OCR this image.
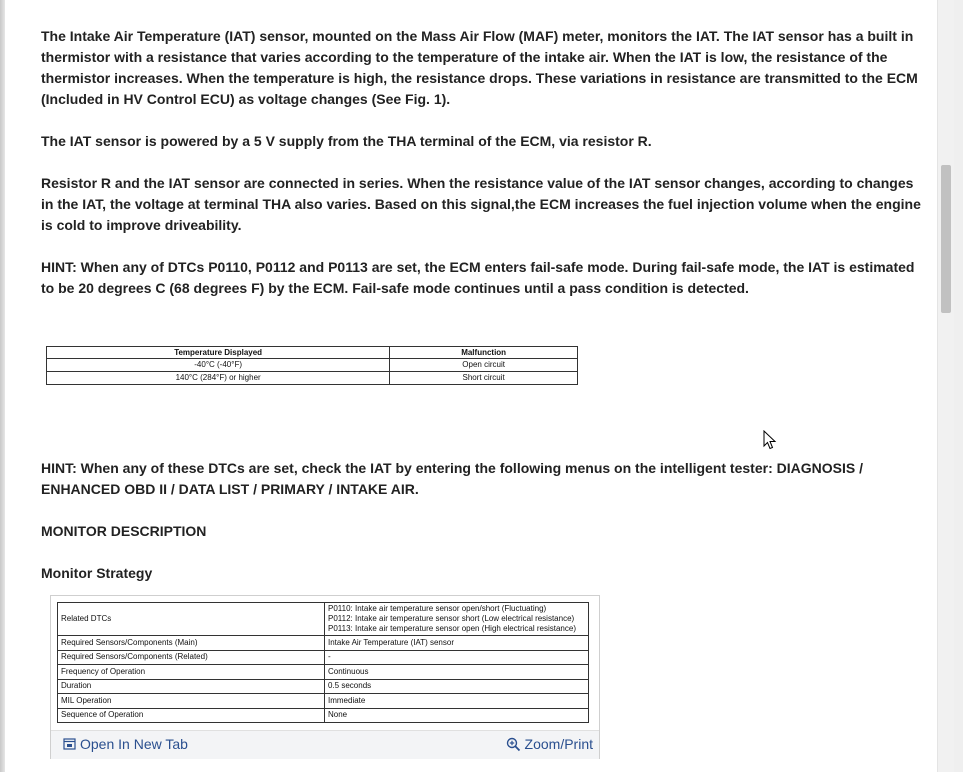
The Intake Air Temperature (IAT) sensor, mounted on the Mass Air Flow (MAF) meter, monitors the IAT. The IAT sensor has a built in thermistor with a resistance that varies according to the temperature of the intake air. When the IAT is low, the resistance of the thermistor increases. When the temperature is high, the resistance drops. These variations in resistance are transmitted to the ECM (Included in HV Control ECU) as voltage changes (See Fig. 1).

The IAT sensor is powered by a 5 V supply from the THA terminal of the ECM, via resistor R.

Resistor R and the IAT sensor are connected in series. When the resistance value of the IAT sensor changes, according to changes in the IAT, the voltage at terminal THA also varies. Based on this signal,the ECM increases the fuel injection volume when the engine is cold to improve driveability.

HINT: When any of DTCs P0110, P0112 and P0113 are set, the ECM enters fail-safe mode. During fail-safe mode, the IAT is estimated to be 20 degrees C (68 degrees F) by the ECM. Fail-safe mode continues until a pass condition is detected.

Temperature Displayed	Malfunction
-40°C (-40°F)	Open circuit
140°C (284°F) or higher	Short circuit

HINT: When any of these DTCs are set, check the IAT by entering the following menus on the intelligent tester: DIAGNOSIS / ENHANCED OBD II / DATA LIST / PRIMARY / INTAKE AIR.

MONITOR DESCRIPTION

Monitor Strategy

Related DTCs	P0110: Intake air temperature sensor open/short (Fluctuating)
P0112: Intake air temperature sensor short (Low electrical resistance)
P0113: Intake air temperature sensor open (High electrical resistance)

Required Sensors/Components (Main)	Intake Air Temperature (IAT) sensor
Required Sensors/Components (Related)	-
Frequency of Operation	Continuous
Duration	0.5 seconds
MIL Operation	Immediate
Sequence of Operation	None
Open In New Tab	Zoom/Print
